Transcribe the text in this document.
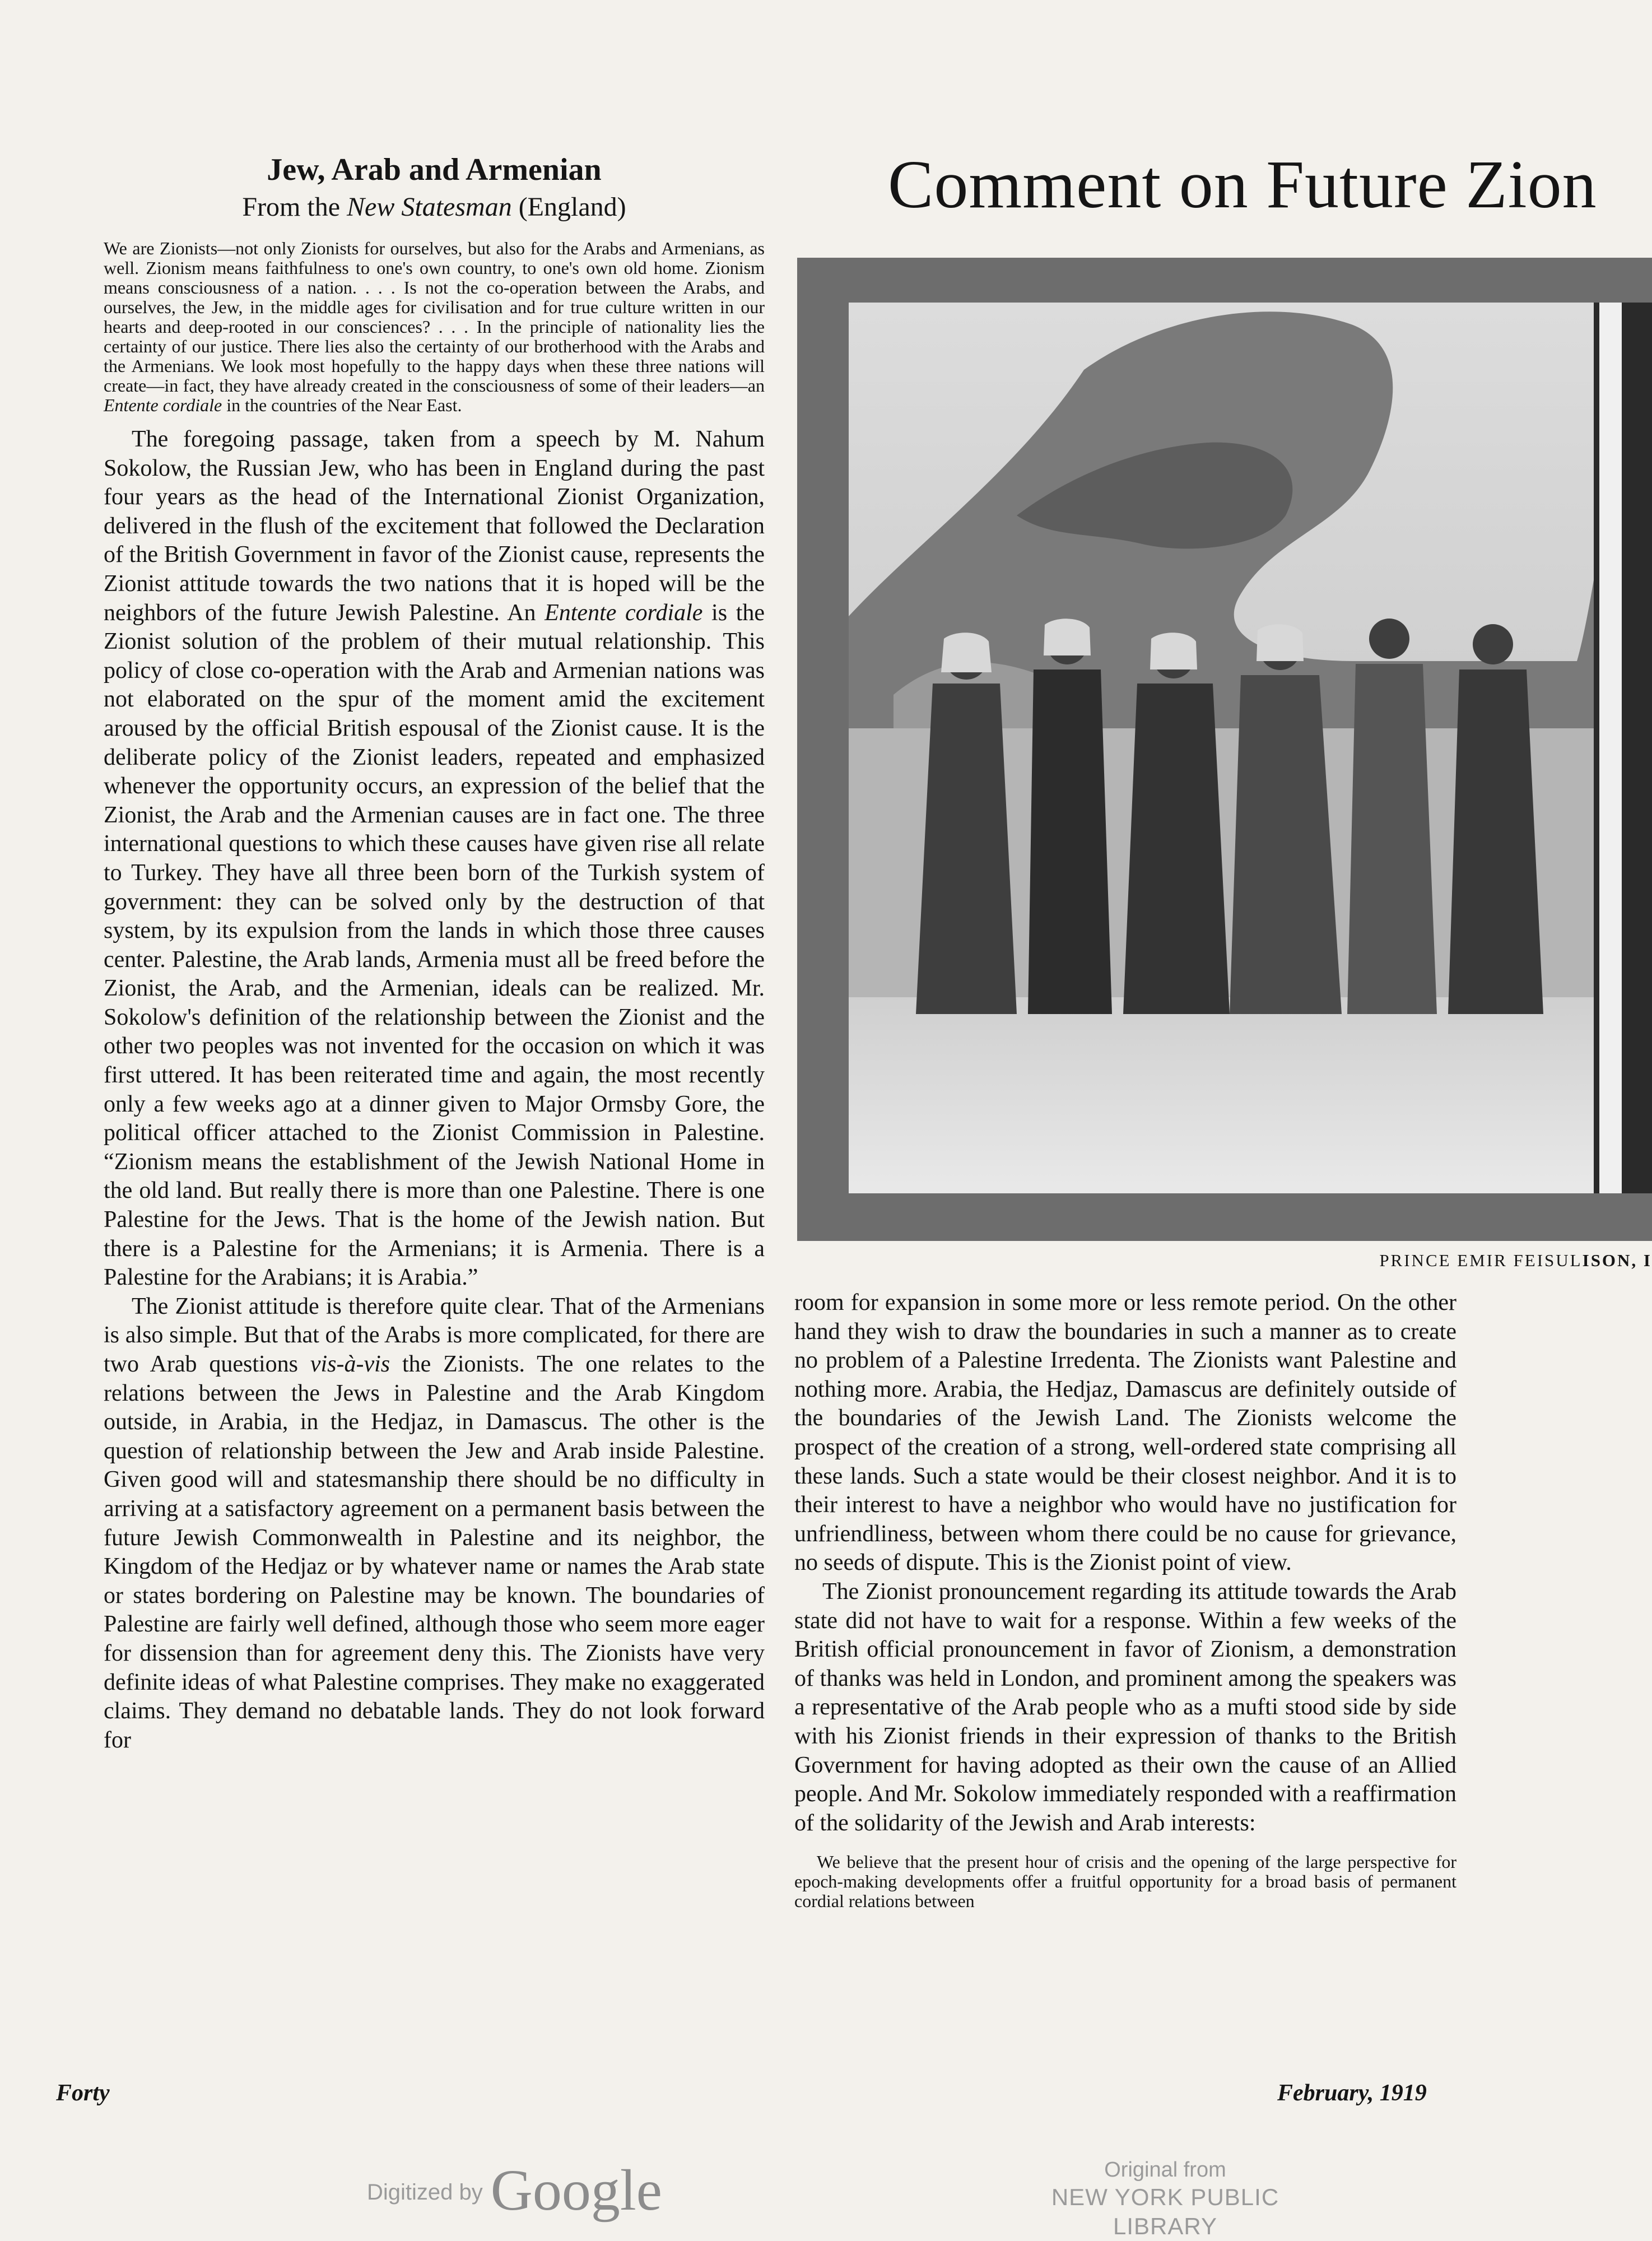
Jew, Arab and Armenian
From the New Statesman (England)

We are Zionists—not only Zionists for ourselves, but also for the Arabs and Armenians, as well. Zionism means faithfulness to one's own country, to one's own old home. Zionism means consciousness of a nation. . . . Is not the co-operation between the Arabs, and ourselves, the Jew, in the middle ages for civilisation and for true culture written in our hearts and deep-rooted in our consciences? . . . In the principle of nationality lies the certainty of our justice. There lies also the certainty of our brotherhood with the Arabs and the Armenians. We look most hopefully to the happy days when these three nations will create—in fact, they have already created in the consciousness of some of their leaders—an Entente cordiale in the countries of the Near East.

The foregoing passage, taken from a speech by M. Nahum Sokolow, the Russian Jew, who has been in England during the past four years as the head of the International Zionist Organization, delivered in the flush of the excitement that followed the Declaration of the British Government in favor of the Zionist cause, represents the Zionist attitude towards the two nations that it is hoped will be the neighbors of the future Jewish Palestine. An Entente cordiale is the Zionist solution of the problem of their mutual relationship. This policy of close co-operation with the Arab and Armenian nations was not elaborated on the spur of the moment amid the excitement aroused by the official British espousal of the Zionist cause. It is the deliberate policy of the Zionist leaders, repeated and emphasized whenever the opportunity occurs, an expression of the belief that the Zionist, the Arab and the Armenian causes are in fact one. The three international questions to which these causes have given rise all relate to Turkey. They have all three been born of the Turkish system of government: they can be solved only by the destruction of that system, by its expulsion from the lands in which those three causes center. Palestine, the Arab lands, Armenia must all be freed before the Zionist, the Arab, and the Armenian, ideals can be realized. Mr. Sokolow's definition of the relationship between the Zionist and the other two peoples was not invented for the occasion on which it was first uttered. It has been reiterated time and again, the most recently only a few weeks ago at a dinner given to Major Ormsby Gore, the political officer attached to the Zionist Commission in Palestine. “Zionism means the establishment of the Jewish National Home in the old land. But really there is more than one Palestine. There is one Palestine for the Jews. That is the home of the Jewish nation. But there is a Palestine for the Armenians; it is Armenia. There is a Palestine for the Arabians; it is Arabia.”

The Zionist attitude is therefore quite clear. That of the Armenians is also simple. But that of the Arabs is more complicated, for there are two Arab questions vis-à-vis the Zionists. The one relates to the relations between the Jews in Palestine and the Arab Kingdom outside, in Arabia, in the Hedjaz, in Damascus. The other is the question of relationship between the Jew and Arab inside Palestine. Given good will and statesmanship there should be no difficulty in arriving at a satisfactory agreement on a permanent basis between the future Jewish Commonwealth in Palestine and its neighbor, the Kingdom of the Hedjaz or by whatever name or names the Arab state or states bordering on Palestine may be known. The boundaries of Palestine are fairly well defined, although those who seem more eager for dissension than for agreement deny this. The Zionists have very definite ideas of what Palestine comprises. They make no exaggerated claims. They demand no debatable lands. They do not look forward for

Comment on Future Zion
PRINCE EMIR FEISULISON, I

room for expansion in some more or less remote period. On the other hand they wish to draw the boundaries in such a manner as to create no problem of a Palestine Irredenta. The Zionists want Palestine and nothing more. Arabia, the Hedjaz, Damascus are definitely outside of the boundaries of the Jewish Land. The Zionists welcome the prospect of the creation of a strong, well-ordered state comprising all these lands. Such a state would be their closest neighbor. And it is to their interest to have a neighbor who would have no justification for unfriendliness, between whom there could be no cause for grievance, no seeds of dispute. This is the Zionist point of view.

The Zionist pronouncement regarding its attitude towards the Arab state did not have to wait for a response. Within a few weeks of the British official pronouncement in favor of Zionism, a demonstration of thanks was held in London, and prominent among the speakers was a representative of the Arab people who as a mufti stood side by side with his Zionist friends in their expression of thanks to the British Government for having adopted as their own the cause of an Allied people. And Mr. Sokolow immediately responded with a reaffirmation of the solidarity of the Jewish and Arab interests:

We believe that the present hour of crisis and the opening of the large perspective for epoch-making developments offer a fruitful opportunity for a broad basis of permanent cordial relations between

Forty	February, 1919
Digitized by Google	Original from
NEW YORK PUBLIC LIBRARY
